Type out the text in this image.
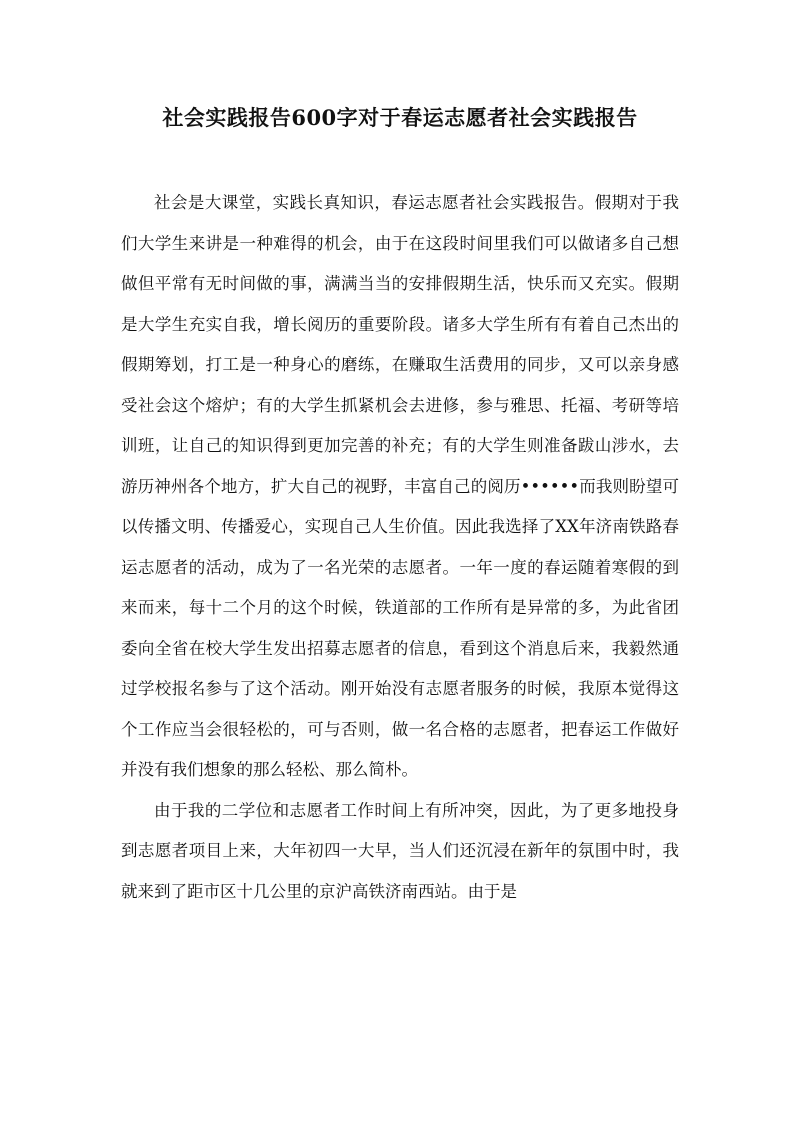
社会实践报告600字对于春运志愿者社会实践报告

社会是大课堂，实践长真知识，春运志愿者社会实践报告。假期对于我们大学生来讲是一种难得的机会，由于在这段时间里我们可以做诸多自己想做但平常有无时间做的事，满满当当的安排假期生活，快乐而又充实。假期是大学生充实自我，增长阅历的重要阶段。诸多大学生所有有着自己杰出的假期筹划，打工是一种身心的磨练，在赚取生活费用的同步，又可以亲身感受社会这个熔炉；有的大学生抓紧机会去进修，参与雅思、托福、考研等培训班，让自己的知识得到更加完善的补充；有的大学生则准备跋山涉水，去游历神州各个地方，扩大自己的视野，丰富自己的阅历••••••而我则盼望可以传播文明、传播爱心，实现自己人生价值。因此我选择了XX年济南铁路春运志愿者的活动，成为了一名光荣的志愿者。一年一度的春运随着寒假的到来而来，每十二个月的这个时候，铁道部的工作所有是异常的多，为此省团委向全省在校大学生发出招募志愿者的信息，看到这个消息后来，我毅然通过学校报名参与了这个活动。刚开始没有志愿者服务的时候，我原本觉得这个工作应当会很轻松的，可与否则，做一名合格的志愿者，把春运工作做好并没有我们想象的那么轻松、那么简朴。

由于我的二学位和志愿者工作时间上有所冲突，因此，为了更多地投身到志愿者项目上来，大年初四一大早，当人们还沉浸在新年的氛围中时，我就来到了距市区十几公里的京沪高铁济南西站。由于是
